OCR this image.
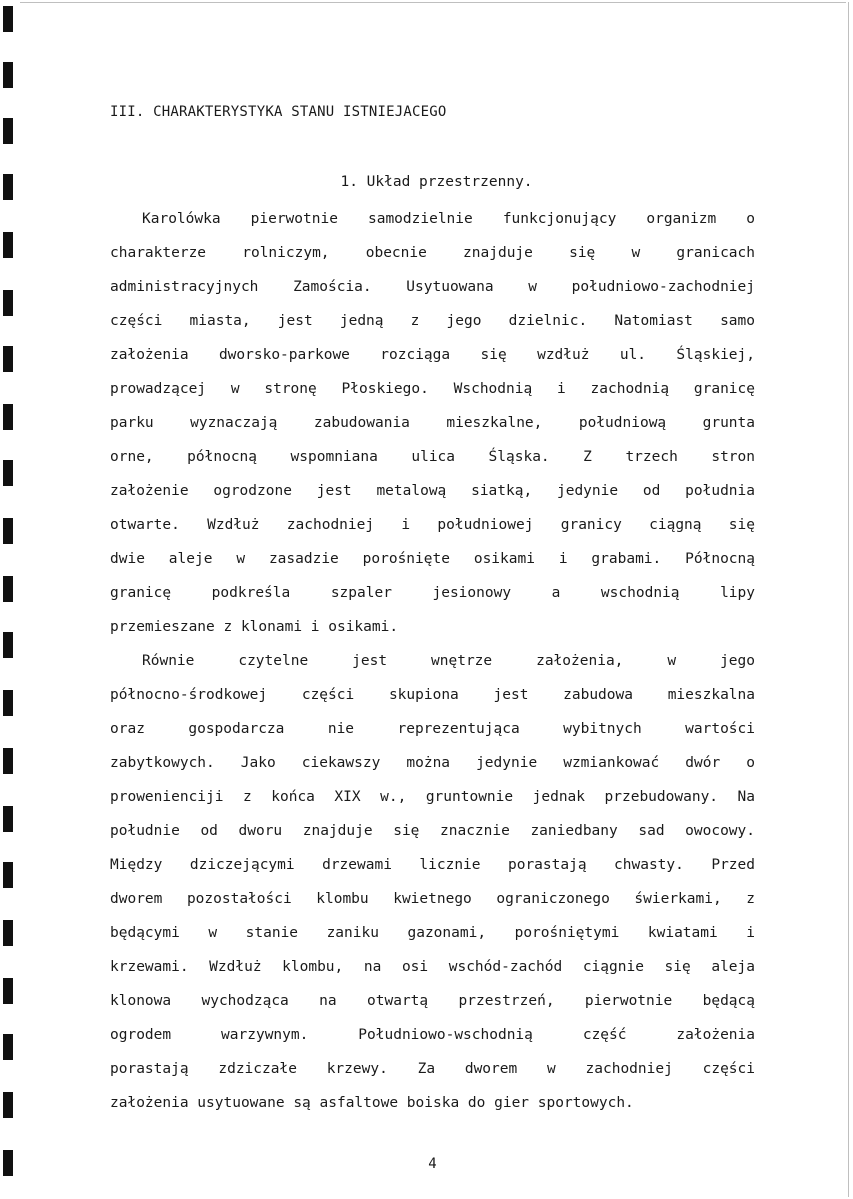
III. CHARAKTERYSTYKA STANU ISTNIEJACEGO
1. Układ przestrzenny.
Karolówka pierwotnie samodzielnie funkcjonujący organizm o
charakterze rolniczym, obecnie znajduje się w granicach
administracyjnych Zamościa. Usytuowana w południowo-zachodniej
części miasta, jest jedną z jego dzielnic. Natomiast samo
założenia dworsko-parkowe rozciąga się wzdłuż ul. Śląskiej,
prowadzącej w stronę Płoskiego. Wschodnią i zachodnią granicę
parku wyznaczają zabudowania mieszkalne, południową grunta
orne, północną wspomniana ulica Śląska. Z trzech stron
założenie ogrodzone jest metalową siatką, jedynie od południa
otwarte. Wzdłuż zachodniej i południowej granicy ciągną się
dwie aleje w zasadzie porośnięte osikami i grabami. Północną
granicę podkreśla szpaler jesionowy a wschodnią lipy
przemieszane z klonami i osikami.
Równie czytelne jest wnętrze założenia, w jego
północno-środkowej części skupiona jest zabudowa mieszkalna
oraz gospodarcza nie reprezentująca wybitnych wartości
zabytkowych. Jako ciekawszy można jedynie wzmiankować dwór o
prowenienciji z końca XIX w., gruntownie jednak przebudowany. Na
południe od dworu znajduje się znacznie zaniedbany sad owocowy.
Między dziczejącymi drzewami licznie porastają chwasty. Przed
dworem pozostałości klombu kwietnego ograniczonego świerkami, z
będącymi w stanie zaniku gazonami, porośniętymi kwiatami i
krzewami. Wzdłuż klombu, na osi wschód-zachód ciągnie się aleja
klonowa wychodząca na otwartą przestrzeń, pierwotnie będącą
ogrodem warzywnym. Południowo-wschodnią część założenia
porastają zdziczałe krzewy. Za dworem w zachodniej części
założenia usytuowane są asfaltowe boiska do gier sportowych.
4
